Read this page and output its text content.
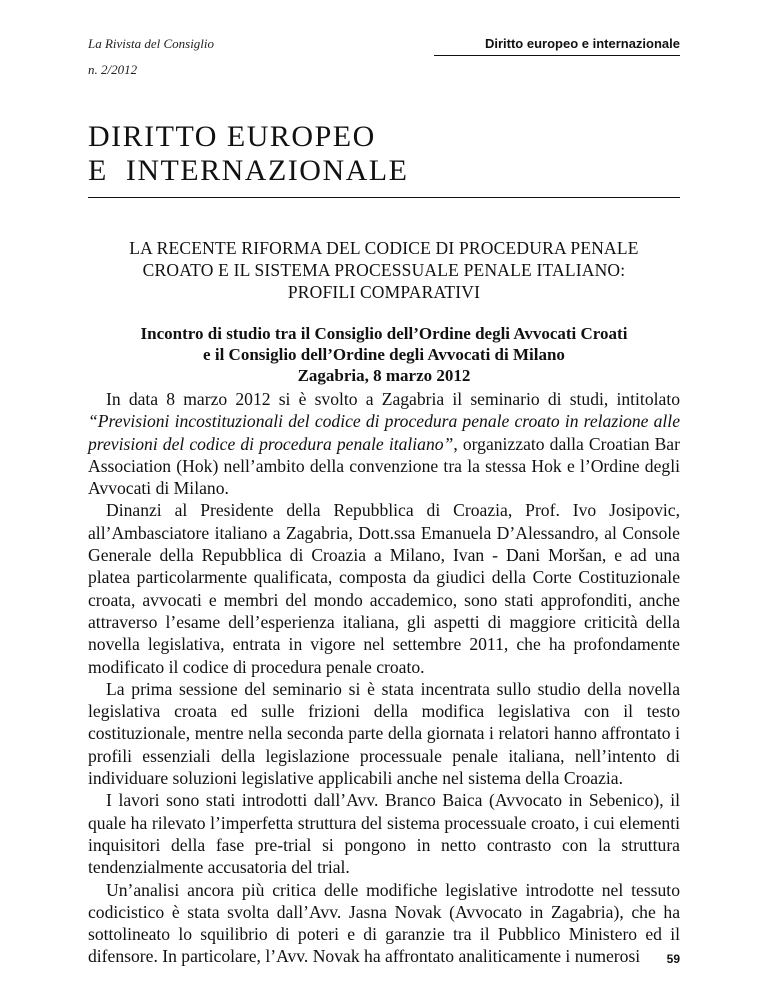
La Rivista del Consiglio
n. 2/2012
Diritto europeo e internazionale
DIRITTO EUROPEO
E  INTERNAZIONALE
LA RECENTE RIFORMA DEL CODICE DI PROCEDURA PENALE
CROATO E IL SISTEMA PROCESSUALE PENALE ITALIANO:
PROFILI COMPARATIVI
Incontro di studio tra il Consiglio dell’Ordine degli Avvocati Croati
e il Consiglio dell’Ordine degli Avvocati di Milano
Zagabria, 8 marzo 2012

In data 8 marzo 2012 si è svolto a Zagabria il seminario di studi, intitolato “Previsioni incostituzionali del codice di procedura penale croato in relazione alle previsioni del codice di procedura penale italiano”, organizzato dalla Croatian Bar Association (Hok) nell’ambito della convenzione tra la stessa Hok e l’Ordine degli Avvocati di Milano.

Dinanzi al Presidente della Repubblica di Croazia, Prof. Ivo Josipovic, all’Ambasciatore italiano a Zagabria, Dott.ssa Emanuela D’Alessandro, al Console Generale della Repubblica di Croazia a Milano, Ivan - Dani Moršan, e ad una platea particolarmente qualificata, composta da giudici della Corte Costituzionale croata, avvocati e membri del mondo accademico, sono stati approfonditi, anche attraverso l’esame dell’esperienza italiana, gli aspetti di maggiore criticità della novella legislativa, entrata in vigore nel settembre 2011, che ha profondamente modificato il codice di procedura penale croato.

La prima sessione del seminario si è stata incentrata sullo studio della novella legislativa croata ed sulle frizioni della modifica legislativa con il testo costituzionale, mentre nella seconda parte della giornata i relatori hanno affrontato i profili essenziali della legislazione processuale penale italiana, nell’intento di individuare soluzioni legislative applicabili anche nel sistema della Croazia.

I lavori sono stati introdotti dall’Avv. Branco Baica (Avvocato in Sebenico), il quale ha rilevato l’imperfetta struttura del sistema processuale croato, i cui elementi inquisitori della fase pre-trial si pongono in netto contrasto con la struttura tendenzialmente accusatoria del trial.

Un’analisi ancora più critica delle modifiche legislative introdotte nel tessuto codicistico è stata svolta dall’Avv. Jasna Novak (Avvocato in Zagabria), che ha sottolineato lo squilibrio di poteri e di garanzie tra il Pubblico Ministero ed il difensore. In particolare, l’Avv. Novak ha affrontato analiticamente i numerosi	59
